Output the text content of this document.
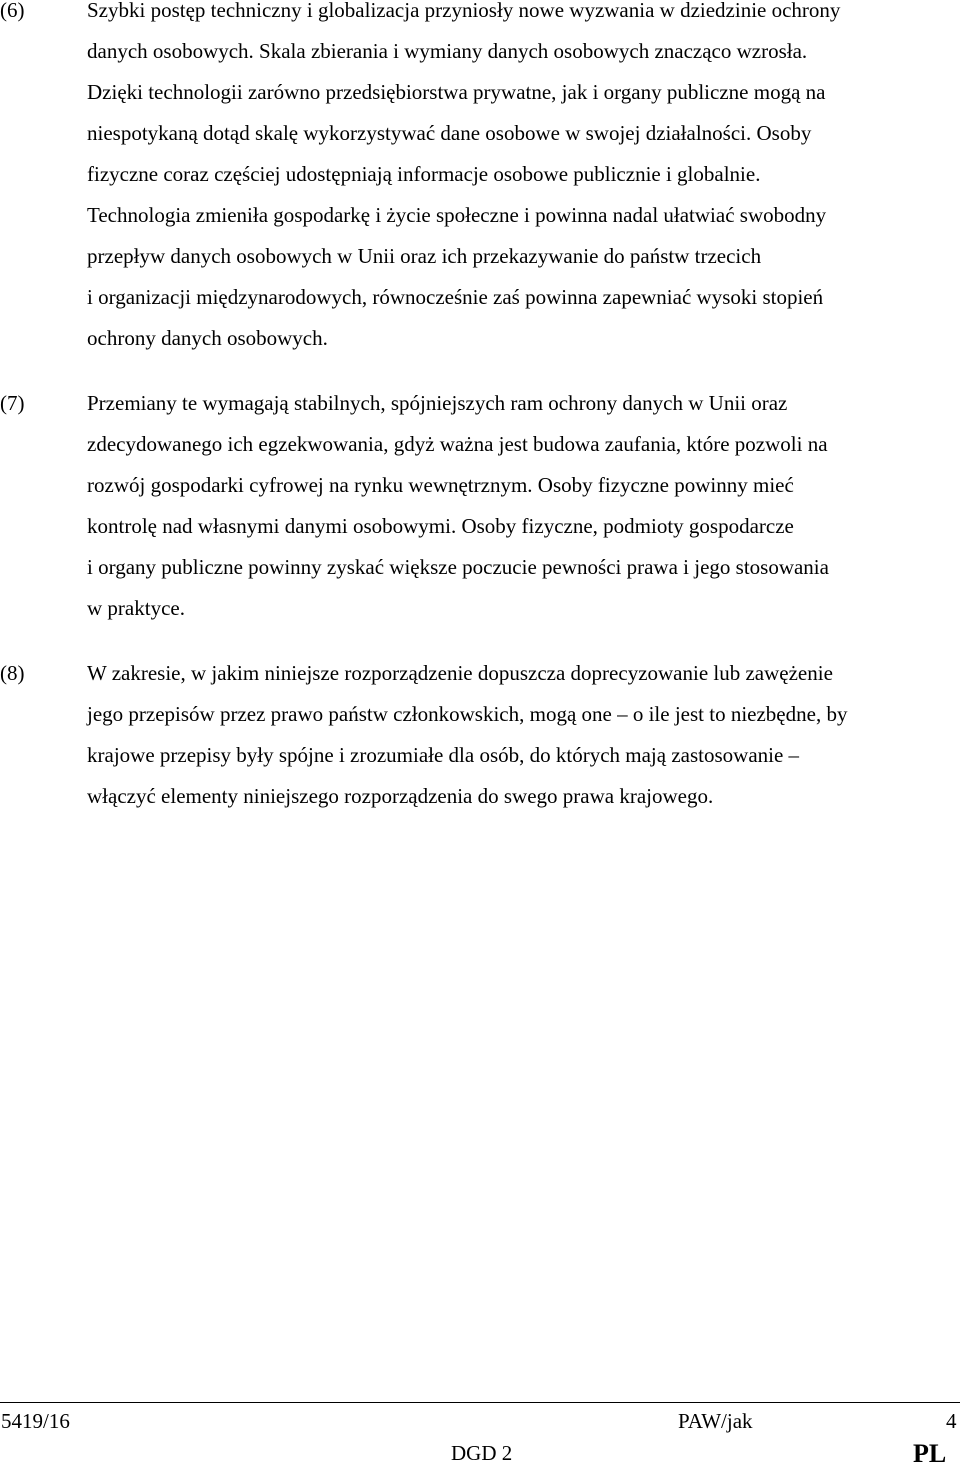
(6)	Szybki postęp techniczny i globalizacja przyniosły nowe wyzwania w dziedzinie ochrony
danych osobowych. Skala zbierania i wymiany danych osobowych znacząco wzrosła.
Dzięki technologii zarówno przedsiębiorstwa prywatne, jak i organy publiczne mogą na
niespotykaną dotąd skalę wykorzystywać dane osobowe w swojej działalności. Osoby
fizyczne coraz częściej udostępniają informacje osobowe publicznie i globalnie.
Technologia zmieniła gospodarkę i życie społeczne i powinna nadal ułatwiać swobodny
przepływ danych osobowych w Unii oraz ich przekazywanie do państw trzecich
i organizacji międzynarodowych, równocześnie zaś powinna zapewniać wysoki stopień
ochrony danych osobowych.
(7)	Przemiany te wymagają stabilnych, spójniejszych ram ochrony danych w Unii oraz
zdecydowanego ich egzekwowania, gdyż ważna jest budowa zaufania, które pozwoli na
rozwój gospodarki cyfrowej na rynku wewnętrznym. Osoby fizyczne powinny mieć
kontrolę nad własnymi danymi osobowymi. Osoby fizyczne, podmioty gospodarcze
i organy publiczne powinny zyskać większe poczucie pewności prawa i jego stosowania
w praktyce.
(8)	W zakresie, w jakim niniejsze rozporządzenie dopuszcza doprecyzowanie lub zawężenie
jego przepisów przez prawo państw członkowskich, mogą one – o ile jest to niezbędne, by
krajowe przepisy były spójne i zrozumiałe dla osób, do których mają zastosowanie –
włączyć elementy niniejszego rozporządzenia do swego prawa krajowego.
5419/16	PAW/jak	4
DGD 2	PL
